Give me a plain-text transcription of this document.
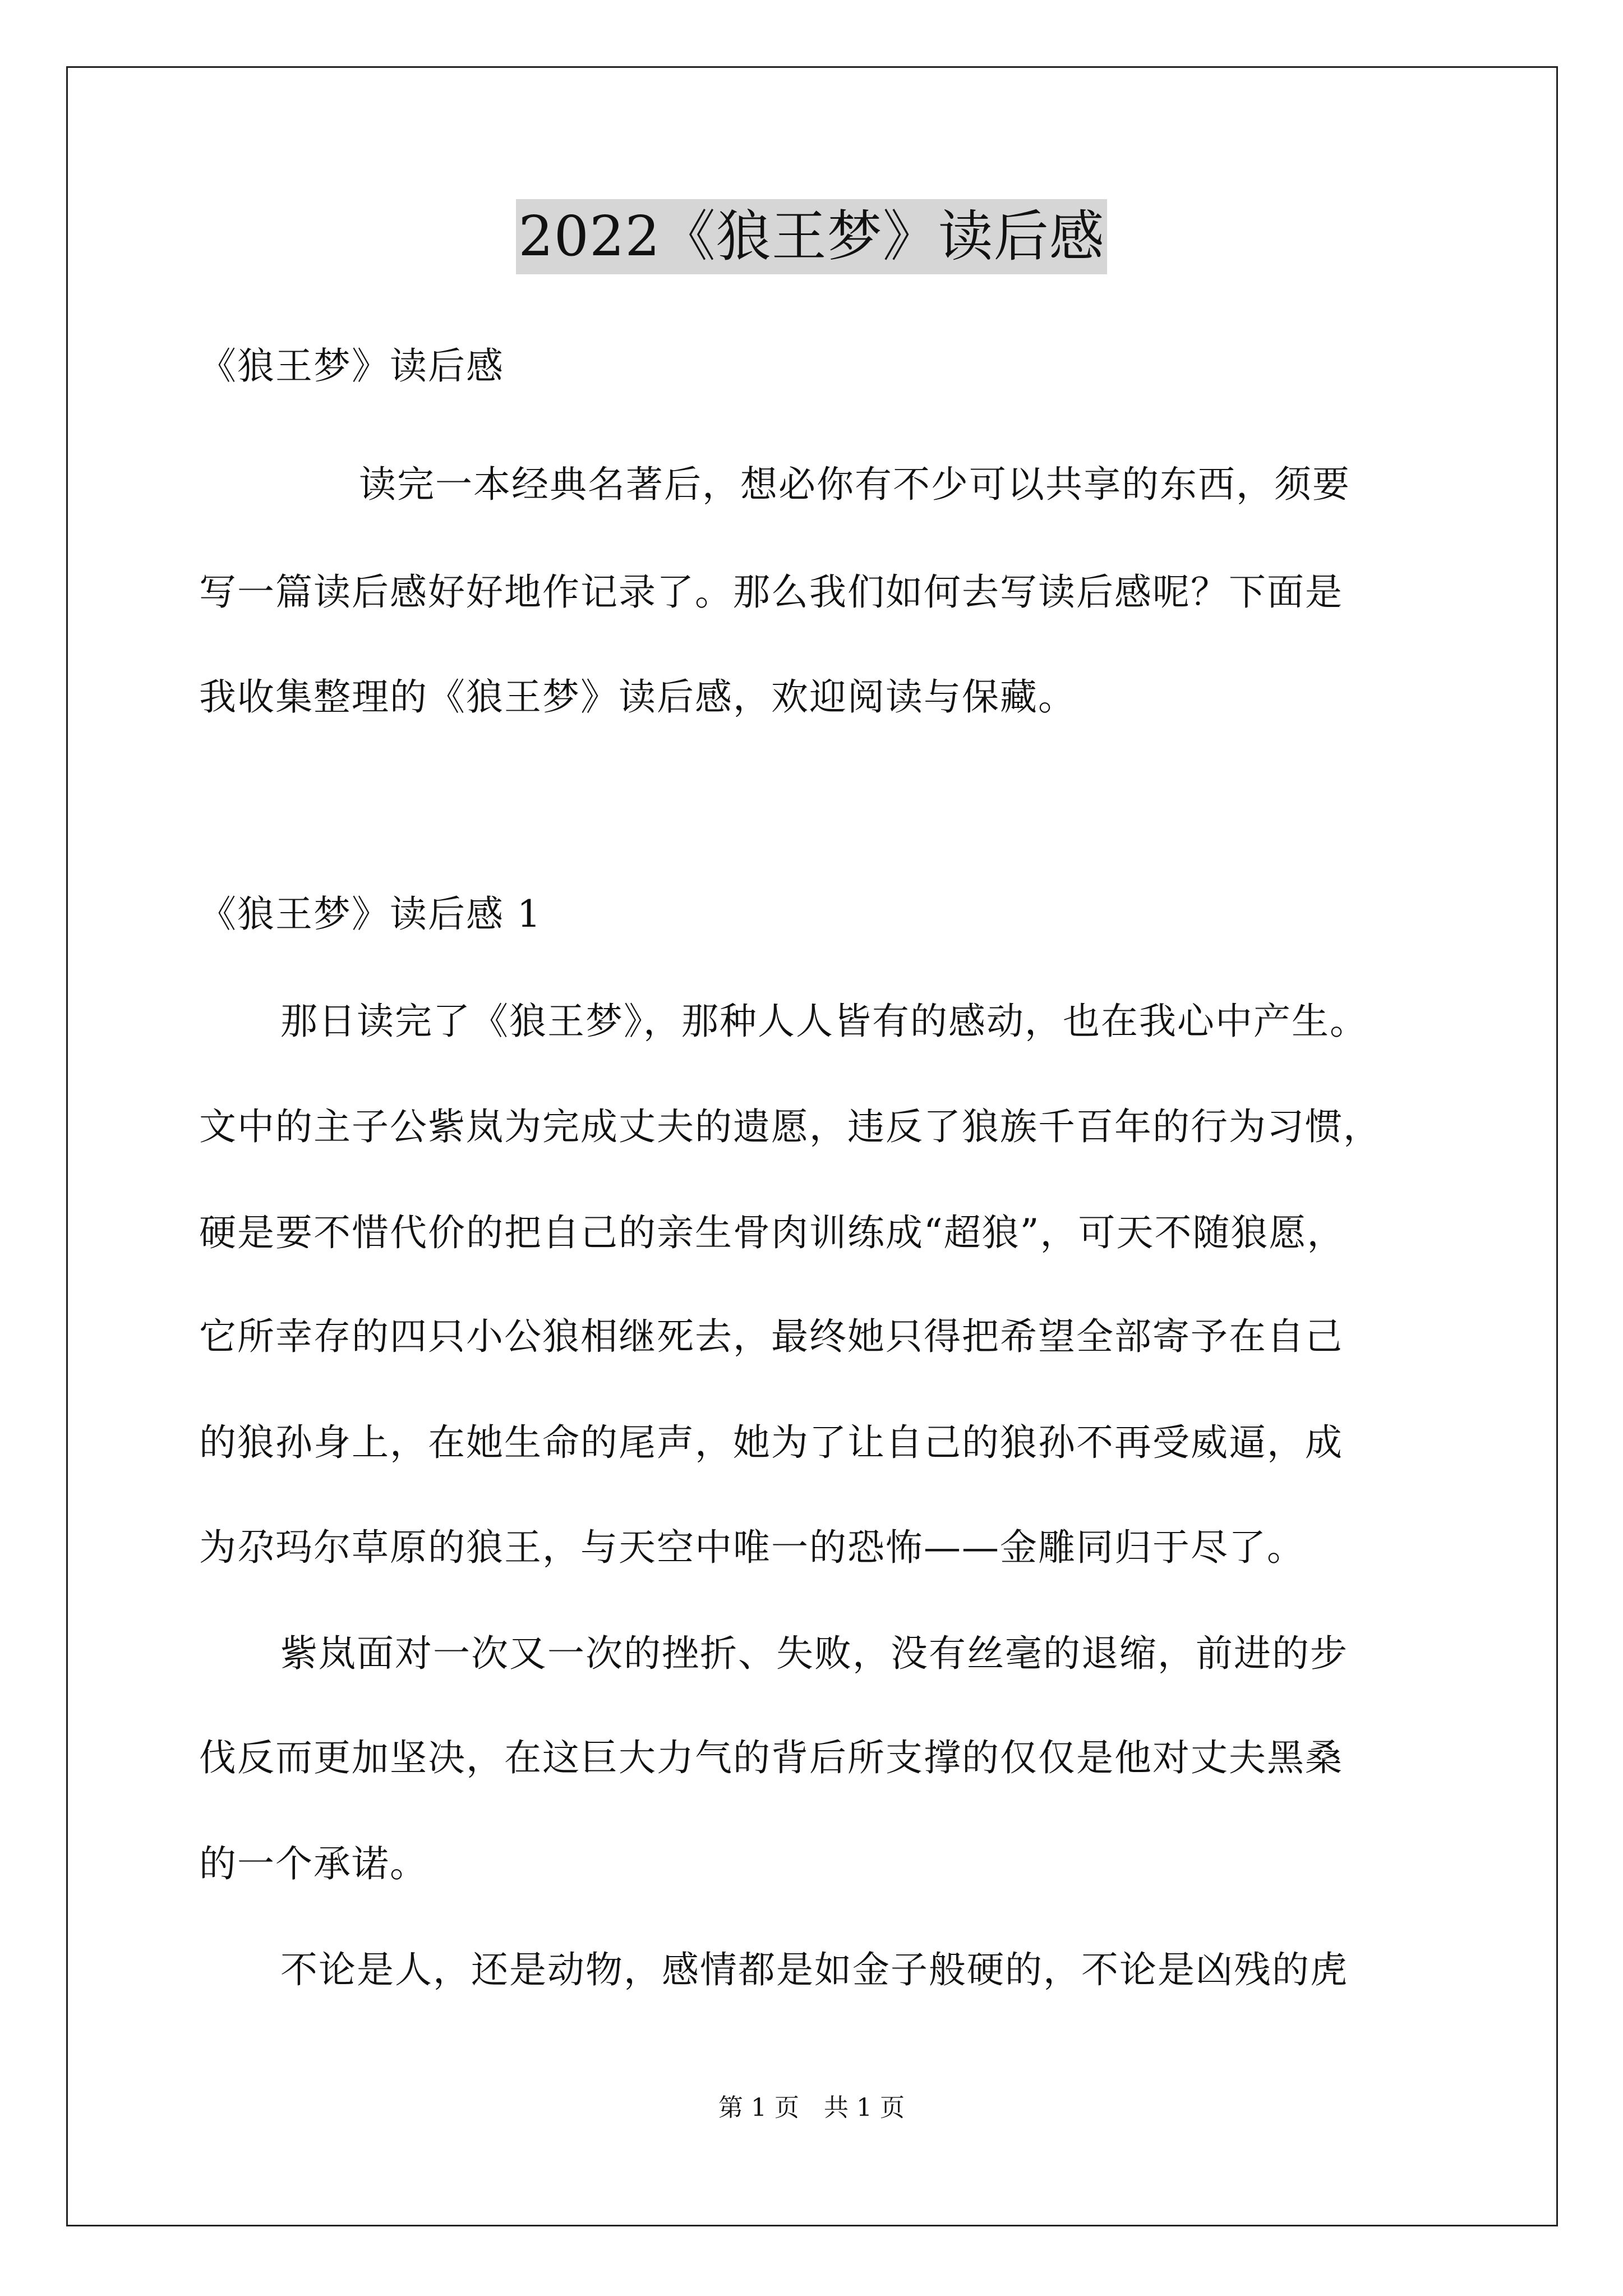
2022《狼王梦》读后感
《狼王梦》读后感
读完一本经典名著后，想必你有不少可以共享的东西，须要
写一篇读后感好好地作记录了。那么我们如何去写读后感呢？下面是
我收集整理的《狼王梦》读后感，欢迎阅读与保藏。
《狼王梦》读后感 1
那日读完了《狼王梦》，那种人人皆有的感动，也在我心中产生。
文中的主子公紫岚为完成丈夫的遗愿，违反了狼族千百年的行为习惯，
硬是要不惜代价的把自己的亲生骨肉训练成“超狼”，可天不随狼愿，
它所幸存的四只小公狼相继死去，最终她只得把希望全部寄予在自己
的狼孙身上，在她生命的尾声，她为了让自己的狼孙不再受威逼，成
为尕玛尔草原的狼王，与天空中唯一的恐怖——金雕同归于尽了。
紫岚面对一次又一次的挫折、失败，没有丝毫的退缩，前进的步
伐反而更加坚决，在这巨大力气的背后所支撑的仅仅是他对丈夫黑桑
的一个承诺。
不论是人，还是动物，感情都是如金子般硬的，不论是凶残的虎
第 1 页　共 1 页
